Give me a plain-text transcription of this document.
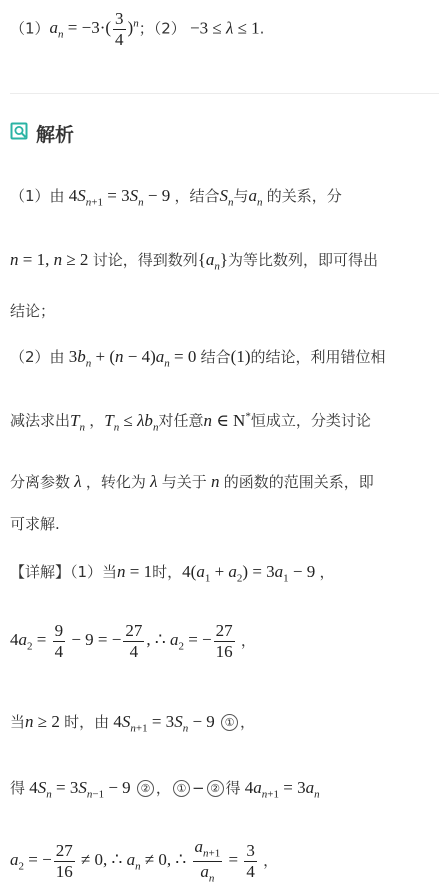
$(1)a_n = -3\cdot( \frac{3}{4} )^n$；（2） −3 ≤ λ ≤ 1.
解析
（1）由 $4S_{n+1} = 3S_n - 9$ ，结合$S_n$与$a_n$ 的关系，分
n = 1, n ≥ 2 讨论，得到数列$\{a_n\}$为等比数列，即可得出
结论；
（2）由 $3b_n + (n - 4)a_n = 0$ 结合(1)的结论，利用错位相
减法求出$T_n$ ，$T_n \le \lambda b_n$对任意n ∈ N*恒成立，分类讨论
分离参数 λ ，转化为 λ 与关于 n 的函数的范围关系，即
可求解.
【详解】（1）当n = 1时，$4(a_1 + a_2) = 3a_1 - 9$ ，
$4a_2 = \frac{9}{4} - 9$ = − $\frac{27}{4}$ , ∴ $a_2$ = − $\frac{27}{16}$ ，
当n ≥ 2 时，由 $4S_{n+1} = 3S_n - 9$ ① ，
得 $4S_n = 3S_{n-1} - 9$ ② ， ① − ② 得 $4a_{n+1} = 3a_n$
$a_2$ = − $\frac{27}{16} \ne 0$, ∴ $a_n \ne 0$, ∴ $\frac{a_{n+1}}{a_n} = \frac{3}{4}$ ，
